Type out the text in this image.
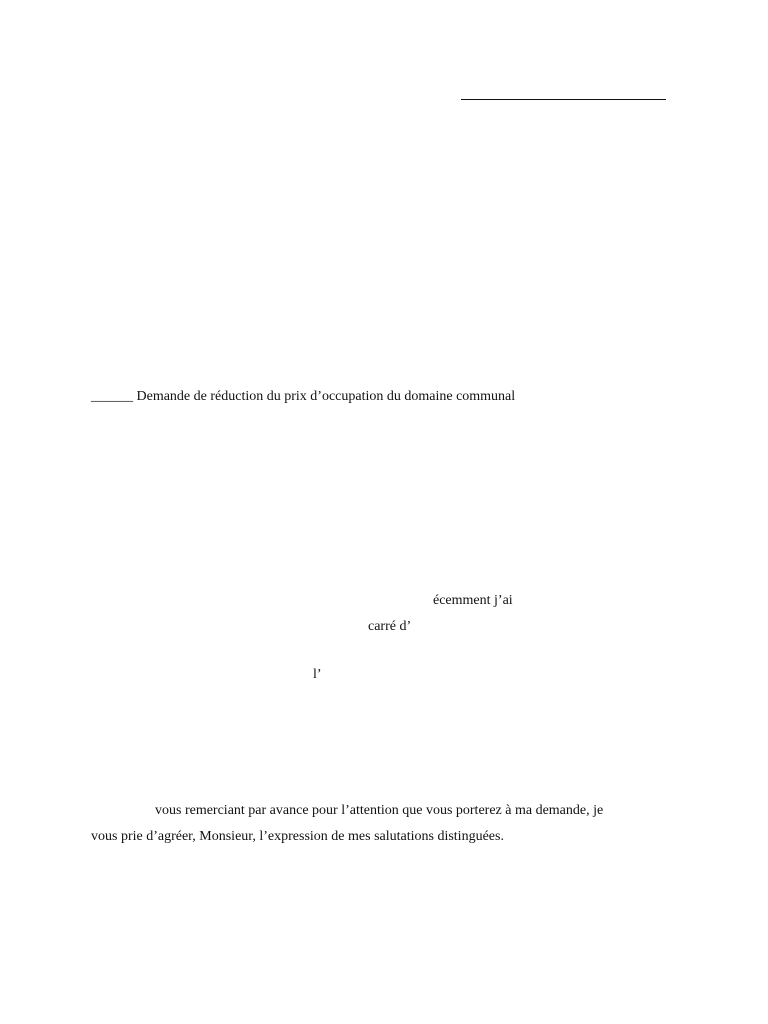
______ Demande de réduction du prix d’occupation du domaine communal
écemment j’ai
carré d’
l’
vous remerciant par avance pour l’attention que vous porterez à ma demande, je
vous prie d’agréer, Monsieur, l’expression de mes salutations distinguées.
